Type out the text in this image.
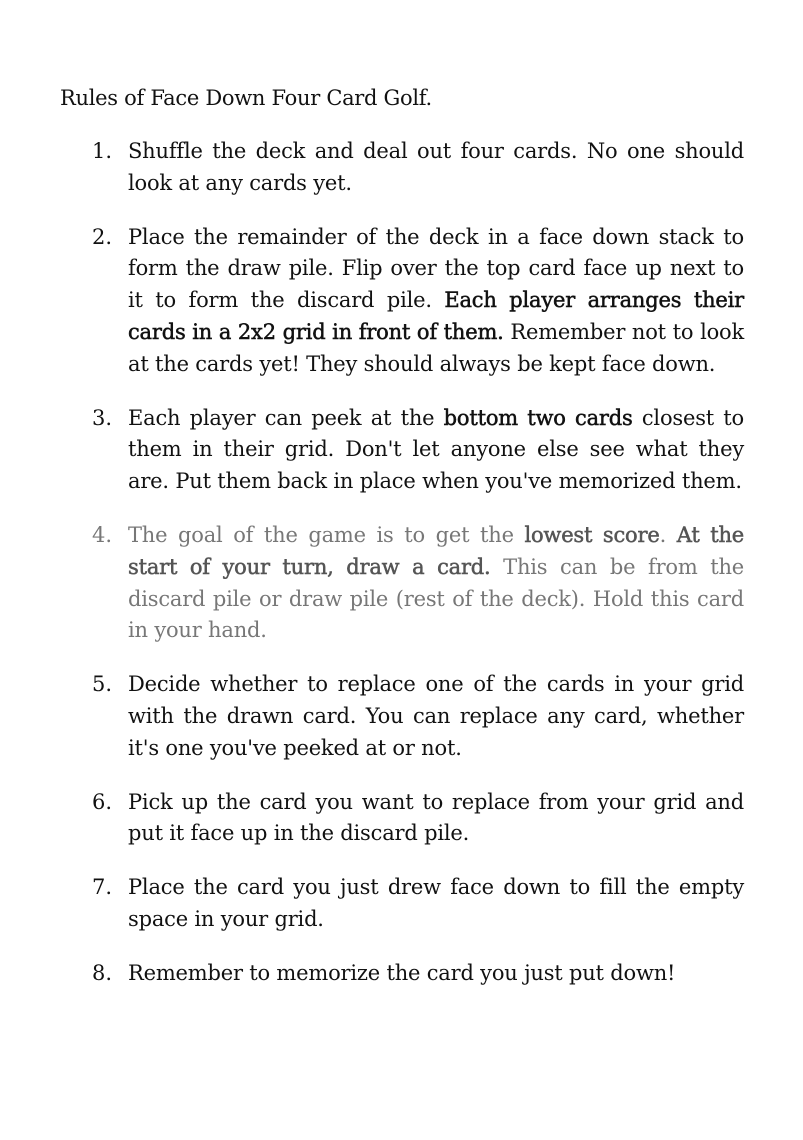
Rules of Face Down Four Card Golf.
1. Shuffle the deck and deal out four cards. No one should look at any cards yet.
2. Place the remainder of the deck in a face down stack to form the draw pile. Flip over the top card face up next to it to form the discard pile. Each player arranges their cards in a 2x2 grid in front of them. Remember not to look at the cards yet! They should always be kept face down.
3. Each player can peek at the bottom two cards closest to them in their grid. Don't let anyone else see what they are. Put them back in place when you've memorized them.
4. The goal of the game is to get the lowest score. At the start of your turn, draw a card. This can be from the discard pile or draw pile (rest of the deck). Hold this card in your hand.
5. Decide whether to replace one of the cards in your grid with the drawn card. You can replace any card, whether it's one you've peeked at or not.
6. Pick up the card you want to replace from your grid and put it face up in the discard pile.
7. Place the card you just drew face down to fill the empty space in your grid.
8. Remember to memorize the card you just put down!
